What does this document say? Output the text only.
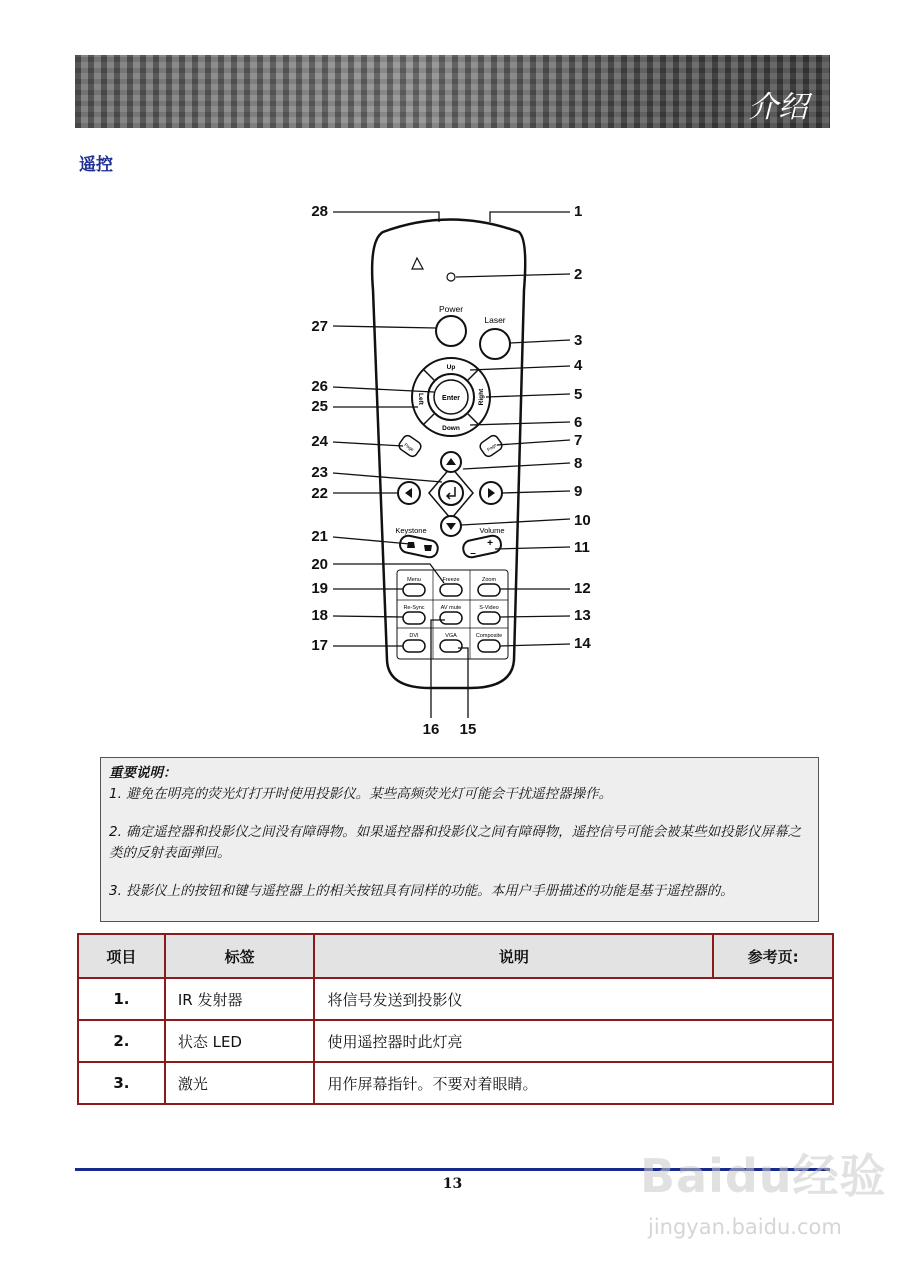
介绍
遥控
Power
Laser
Enter
Up
Down
Left	Right
Page	Page
Keystone
+
–
Volume
Menu	Freeze	Zoom
Re-Sync	AV mute	S-Video
DVI	VGA	Composite
28	1
2
27
3
4
26	5
25
6
24	7
23
8
22	9
10
21
11
20
19	12
18	13
17	14
16 15

重要说明：

1. 避免在明亮的荧光灯打开时使用投影仪。某些高频荧光灯可能会干扰遥控器操作。

2. 确定遥控器和投影仪之间没有障碍物。如果遥控器和投影仪之间有障碍物，遥控信号可能会被某些如投影仪屏幕之类的反射表面弹回。

3. 投影仪上的按钮和键与遥控器上的相关按钮具有同样的功能。本用户手册描述的功能是基于遥控器的。

项目	标签	说明	参考页:
1.	IR 发射器	将信号发送到投影仪	
2.	状态 LED	使用遥控器时此灯亮	
3.	激光	用作屏幕指针。不要对着眼睛。	
13	Baidu经验
jingyan.baidu.com
